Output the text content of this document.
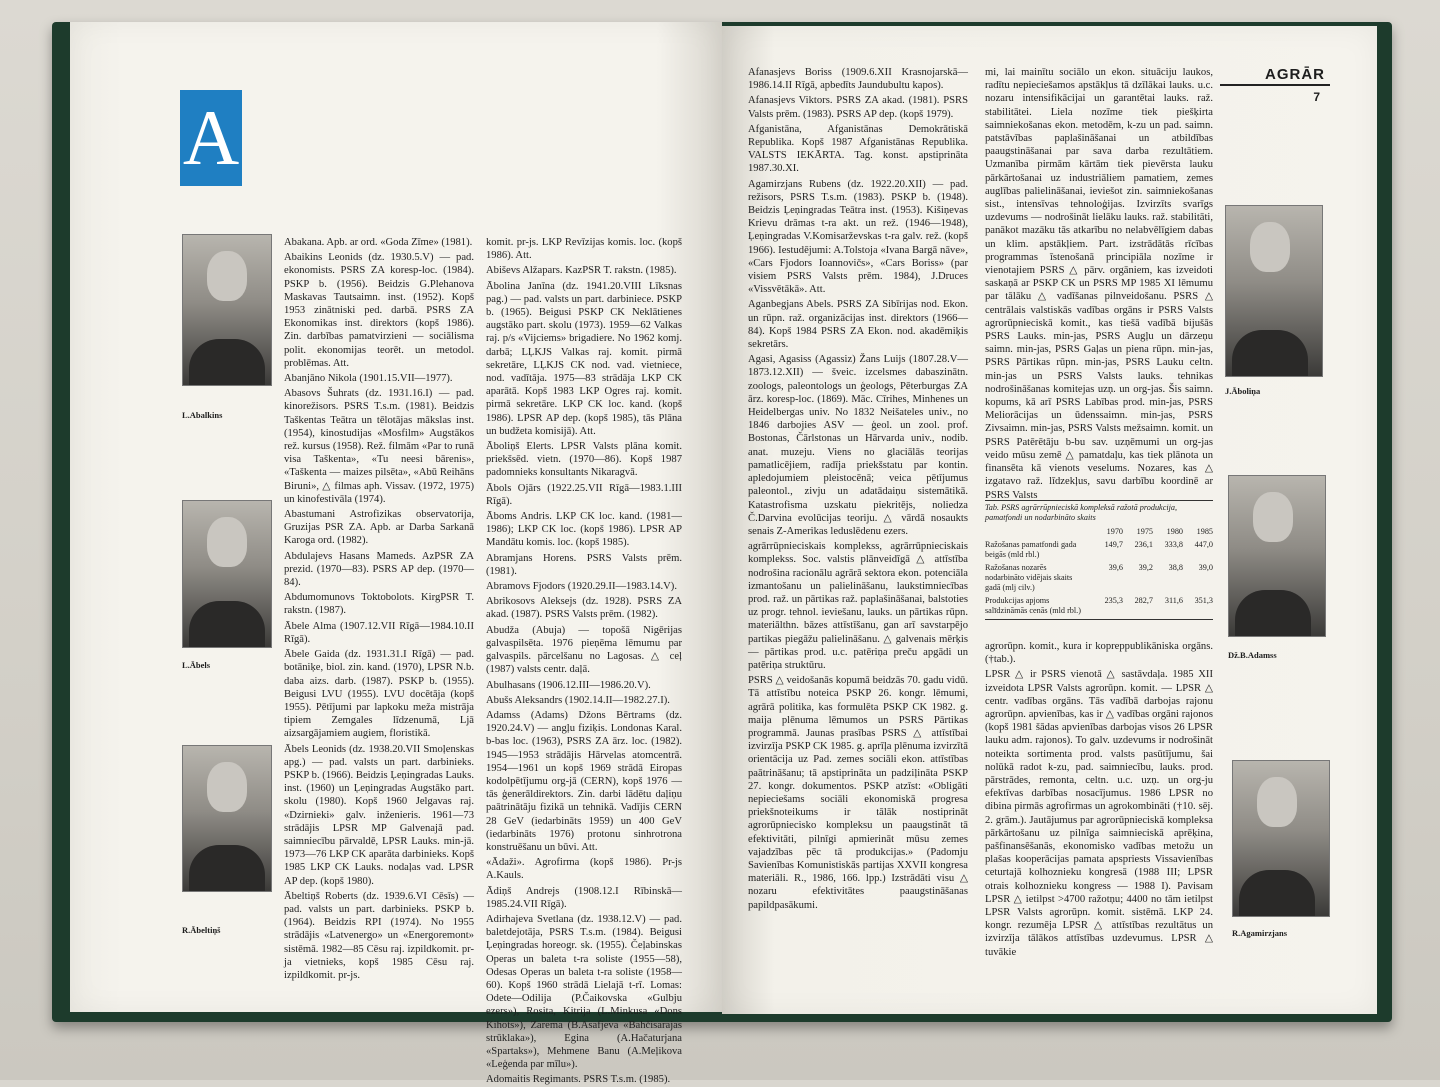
A
L.Abalkins
L.Ābels
R.Ābeltiņš

Abakana. Apb. ar ord. «Goda Zīme» (1981).

Abaikins Leonids (dz. 1930.5.V) — pad. ekonomists. PSRS ZA koresp-loc. (1984). PSKP b. (1956). Beidzis G.Plehanova Maskavas Tautsaimn. inst. (1952). Kopš 1953 zinātniski ped. darbā. PSRS ZA Ekonomikas inst. direktors (kopš 1986). Zin. darbības pamatvirzieni — sociālisma polit. ekonomijas teorēt. un metodol. problēmas. Att.

Abanjāno Nikola (1901.15.VII—1977).

Abasovs Šuhrats (dz. 1931.16.I) — pad. kinorežisors. PSRS T.s.m. (1981). Beidzis Taškentas Teātra un tēlotājas mākslas inst. (1954), kinostudijas «Mosfilm» Augstākos rež. kursus (1958). Rež. filmām «Par to runā visa Taškenta», «Tu neesi bārenis», «Taškenta — maizes pilsēta», «Abū Reihāns Biruni», △ filmas aph. Vissav. (1972, 1975) un kinofestivāla (1974).

Abastumani Astrofizikas observatorija, Gruzijas PSR ZA. Apb. ar Darba Sarkanā Karoga ord. (1982).

Abdulajevs Hasans Mameds. AzPSR ZA prezid. (1970—83). PSRS AP dep. (1970—84).

Abdumomunovs Toktobolots. KirgPSR T. rakstn. (1987).

Ābele Alma (1907.12.VII Rīgā—1984.10.II Rīgā).

Ābele Gaida (dz. 1931.31.I Rīgā) — pad. botāniķe, biol. zin. kand. (1970), LPSR N.b. daba aizs. darb. (1987). PSKP b. (1955). Beigusi LVU (1955). LVU docētāja (kopš 1955). Pētījumi par lapkoku meža mistrāja tipiem Zemgales līdzenumā, Ljā aizsargājamiem augiem, floristikā.

Ābels Leonids (dz. 1938.20.VII Smoļenskas apg.) — pad. valsts un part. darbinieks. PSKP b. (1966). Beidzis Ļeņingradas Lauks. inst. (1960) un Ļeņingradas Augstāko part. skolu (1980). Kopš 1960 Jelgavas raj. «Dzirnieki» galv. inženieris. 1961—73 strādājis LPSR MP Galvenajā pad. saimniecību pārvaldē, LPSR Lauks. min-jā. 1973—76 LKP CK aparāta darbinieks. Kopš 1985 LKP CK Lauks. nodaļas vad. LPSR AP dep. (kopš 1980).

Ābeltiņš Roberts (dz. 1939.6.VI Cēsīs) — pad. valsts un part. darbinieks. PSKP b. (1964). Beidzis RPI (1974). No 1955 strādājis «Latvenergo» un «Energoremont» sistēmā. 1982—85 Cēsu raj. izpildkomit. pr-ja vietnieks, kopš 1985 Cēsu raj. izpildkomit. pr-js.

komit. pr-js. LKP Revīzijas komis. loc. (kopš 1986). Att.

Abiševs Alžapars. KazPSR T. rakstn. (1985).

Ābolina Janīna (dz. 1941.20.VIII Līksnas pag.) — pad. valsts un part. darbiniece. PSKP b. (1965). Beigusi PSKP CK Neklātienes augstāko part. skolu (1973). 1959—62 Valkas raj. p/s «Vijciems» brigadiere. No 1962 komj. darbā; LĻKJS Valkas raj. komit. pirmā sekretāre, LĻKJS CK nod. vad. vietniece, nod. vadītāja. 1975—83 strādāja LKP CK aparātā. Kopš 1983 LKP Ogres raj. komit. pirmā sekretāre. LKP CK loc. kand. (kopš 1986). LPSR AP dep. (kopš 1985), tās Plāna un budžeta komisijā). Att.

Āboliņš Elerts. LPSR Valsts plāna komit. priekšsēd. vietn. (1970—86). Kopš 1987 padomnieks konsultants Nikaragvā.

Ābols Ojārs (1922.25.VII Rīgā—1983.1.III Rīgā).

Āboms Andris. LKP CK loc. kand. (1981—1986); LKP CK loc. (kopš 1986). LPSR AP Mandātu komis. loc. (kopš 1985).

Abramjans Horens. PSRS Valsts prēm. (1981).

Abramovs Fjodors (1920.29.II—1983.14.V).

Abrikosovs Aleksejs (dz. 1928). PSRS ZA akad. (1987). PSRS Valsts prēm. (1982).

Abudža (Abuja) — topošā Nigērijas galvaspilsēta. 1976 pieņēma lēmumu par galvaspils. pārcelšanu no Lagosas. △ ceļ (1987) valsts centr. daļā.

Abulhasans (1906.12.III—1986.20.V).

Abušs Aleksandrs (1902.14.II—1982.27.I).

Adamss (Adams) Džons Bērtrams (dz. 1920.24.V) — angļu fiziķis. Londonas Karal. b-bas loc. (1963), PSRS ZA ārz. loc. (1982). 1945—1953 strādājis Hārvelas atomcentrā. 1954—1961 un kopš 1969 strādā Eiropas kodolpētījumu org-jā (CERN), kopš 1976 — tās ģenerāldirektors. Zin. darbi lādētu daļiņu paātrinātāju fizikā un tehnikā. Vadījis CERN 28 GeV (iedarbināts 1959) un 400 GeV (iedarbināts 1976) protonu sinhrotrona konstruēšanu un būvi. Att.

«Ādaži». Agrofirma (kopš 1986). Pr-js A.Kauls.

Ādiņš Andrejs (1908.12.I Rībinskā—1985.24.VII Rīgā).

Adirhajeva Svetlana (dz. 1938.12.V) — pad. baletdejotāja, PSRS T.s.m. (1984). Beigusi Ļeņingradas horeogr. sk. (1955). Čeļabinskas Operas un baleta t-ra soliste (1955—58), Odesas Operas un baleta t-ra soliste (1958—60). Kopš 1960 strādā Lielajā t-rī. Lomas: Odete—Odilija (P.Čaikovska «Gulbju ezers»), Rosita, Kitrija (L.Minkusa «Dons Kihots»), Zarema (B.Asafjeva «Bahčisarajas strūklaka»), Egina (A.Hačaturjana «Spartaks»), Mehmene Banu (A.Meļikova «Leģenda par mīlu»).

Adomaitis Regimants. PSRS T.s.m. (1985).

AGRĀR
7

Afanasjevs Boriss (1909.6.XII Krasnojarskā—1986.14.II Rīgā, apbedīts Jaundubultu kapos).

Afanasjevs Viktors. PSRS ZA akad. (1981). PSRS Valsts prēm. (1983). PSRS AP dep. (kopš 1979).

Afganistāna, Afganistānas Demokrātiskā Republika. Kopš 1987 Afganistānas Republika. VALSTS IEKĀRTA. Tag. konst. apstiprināta 1987.30.XI.

Agamirzjans Rubens (dz. 1922.20.XII) — pad. režisors, PSRS T.s.m. (1983). PSKP b. (1948). Beidzis Ļeņingradas Teātra inst. (1953). Kišiņevas Krievu drāmas t-ra akt. un rež. (1946—1948), Ļeņingradas V.Komisarževskas t-ra galv. rež. (kopš 1966). Iestudējumi: A.Tolstoja «Ivana Bargā nāve», «Cars Fjodors Ioannovičs», «Cars Boriss» (par visiem PSRS Valsts prēm. 1984), J.Druces «Vissvētākā». Att.

Aganbegjans Abels. PSRS ZA Sibīrijas nod. Ekon. un rūpn. raž. organizācijas inst. direktors (1966—84). Kopš 1984 PSRS ZA Ekon. nod. akadēmiķis sekretārs.

Agasi, Agasiss (Agassiz) Žans Luijs (1807.28.V—1873.12.XII) — šveic. izcelsmes dabaszinātn. zoologs, paleontologs un ģeologs, Pēterburgas ZA ārz. koresp-loc. (1869). Māc. Cīrihes, Minhenes un Heidelbergas univ. No 1832 Neišateles univ., no 1846 darbojies ASV — ģeol. un zool. prof. Bostonas, Čārlstonas un Hārvarda univ., nodib. anat. muzeju. Viens no glaciālās teorijas pamatlicējiem, radīja priekšstatu par kontin. apledojumiem pleistocēnā; veica pētījumus paleontol., zivju un adatādaiņu sistemātikā. Katastrofisma uzskatu piekritējs, noliedza Č.Darvina evolūcijas teoriju. △ vārdā nosaukts senais Z-Amerikas leduslēdenu ezers.

agrārrūpnieciskais komplekss, agrārrūpnieciskais komplekss. Soc. valstis plānveidīgā △ attīstība nodrošina racionālu agrārā sektora ekon. potenciāla izmantošanu un palielināšanu, laukstimniecības prod. raž. un pārtikas raž. paplašināšanai, balstoties uz progr. tehnol. ieviešanu, lauks. un pārtikas rūpn. materiālthn. bāzes attīstīšanu, gan arī savstarpējo partikas piegāžu palielināšanu. △ galvenais mērķis — pārtikas prod. u.c. patēriņa preču apgādi un patēriņa struktūru.

PSRS △ veidošanās kopumā beidzās 70. gadu vidū. Tā attīstību noteica PSKP 26. kongr. lēmumi, agrārā politika, kas formulēta PSKP CK 1982. g. maija plēnuma lēmumos un PSRS Pārtikas programmā. Jaunas prasības PSRS △ attīstībai izvirzīja PSKP CK 1985. g. aprīļa plēnuma izvirzītā orientācija uz Pad. zemes sociāli ekon. attīstības paātrināšanu; tā apstiprināta un padziļināta PSKP 27. kongr. dokumentos. PSKP atzīst: «Obligāti nepieciešams sociāli ekonomiskā progresa priekšnoteikums ir tālāk nostiprināt agrorūpniecisko kompleksu un paaugstināt tā efektivitāti, pilnīgi apmierināt mūsu zemes vajadzības pēc tā produkcijas.» (Padomju Savienības Komunistiskās partijas XXVII kongresa materiāli. R., 1986, 166. lpp.) Izstrādāti visu △ nozaru efektivitātes paaugstināšanas papildpasākumi.

mi, lai mainītu sociālo un ekon. situāciju laukos, radītu nepieciešamos apstākļus tā dzīlākai lauks. u.c. nozaru intensifikācijai un garantētai lauks. raž. stabilitātei. Liela nozīme tiek piešķirta saimniekošanas ekon. metodēm, k-zu un pad. saimn. patstāvības paplašināšanai un atbildības paaugstināšanai par sava darba rezultātiem. Uzmanība pirmām kārtām tiek pievērsta lauku pārkārtošanai uz industriāliem pamatiem, zemes auglības palielināšanai, ieviešot zin. saimniekošanas sist., intensīvas tehnoloģijas. Izvirzīts svarīgs uzdevums — nodrošināt lielāku lauks. raž. stabilitāti, panākot mazāku tās atkarību no nelabvēlīgiem dabas un klim. apstākļiem. Part. izstrādātās rīcības programmas īstenošanā principiāla nozīme ir vienotajiem PSRS △ pārv. orgāniem, kas izveidoti saskaņā ar PSKP CK un PSRS MP 1985 XI lēmumu par tālāku △ vadīšanas pilnveidošanu. PSRS △ centrālais valstiskās vadības orgāns ir PSRS Valsts agrorūpnieciskā komit., kas tiešā vadībā bijušās PSRS Lauks. min-jas, PSRS Augļu un dārzeņu saimn. min-jas, PSRS Gaļas un piena rūpn. min-jas, PSRS Pārtikas rūpn. min-jas, PSRS Lauku celtn. min-jas un PSRS Valsts lauks. tehnikas nodrošināšanas komitejas uzņ. un org-jas. Šis saimn. kopums, kā arī PSRS Labības prod. min-jas, PSRS Meliorācijas un ūdenssaimn. min-jas, PSRS Zivsaimn. min-jas, PSRS Valsts mežsaimn. komit. un PSRS Patērētāju b-bu sav. uzņēmumi un org-jas veido mūsu zemē △ pamatdaļu, kas tiek plānota un finansēta kā vienots veselums. Nozares, kas △ izgatavo raž. līdzekļus, savu darbību koordinē ar PSRS Valsts

Tab. PSRS agrārrūpnieciskā kompleksā ražotā produkcija, pamatfondi un nodarbināto skaits
1970	1975	1980	1985
Ražošanas pamatfondi gada beigās (mld rbl.)
149,7	236,1	333,8	447,0
Ražošanas nozarēs nodarbināto vidējais skaits gadā (mlj cilv.)
39,6	39,2	38,8	39,0
Produkcijas apjoms salīdzināmās cenās (mld rbl.)
235,3	282,7	311,6	351,3

agrorūpn. komit., kura ir kopreppublikāniska orgāns. (†tab.).

LPSR △ ir PSRS vienotā △ sastāvdaļa. 1985 XII izveidota LPSR Valsts agrorūpn. komit. — LPSR △ centr. vadības orgāns. Tās vadībā darbojas rajonu agrorūpn. apvienības, kas ir △ vadības orgāni rajonos (kopš 1981 šādas apvienības darbojas visos 26 LPSR lauku adm. rajonos). To galv. uzdevums ir nodrošināt noteikta sortimenta prod. valsts pasūtījumu, šai nolūkā radot k-zu, pad. saimniecību, lauks. prod. pārstrādes, remonta, celtn. u.c. uzņ. un org-ju efektīvas darbības nosacījumus. 1986 LPSR no dibina pirmās agrofirmas un agrokombināti (†10. sēj. 2. grām.). Jautājumus par agrorūpnieciskā kompleksa pārkārtošanu uz pilnīga saimnieciskā aprēķina, pašfinansēšanās, ekonomisko vadības metožu un plašas kooperācijas pamata apspriests Vissavienības ceturtajā kolhoznieku kongresā (1988 III; LPSR otrais kolhoznieku kongress — 1988 I). Pavisam LPSR △ ietilpst >4700 ražotņu; 4400 no tām ietilpst LPSR Valsts agrorūpn. komit. sistēmā. LKP 24. kongr. rezumēja LPSR △ attīstības rezultātus un izvirzīja tālākos attīstības uzdevumus. LPSR △ tuvākie

J.Āboliņa
Dž.B.Adamss
R.Agamirzjans
